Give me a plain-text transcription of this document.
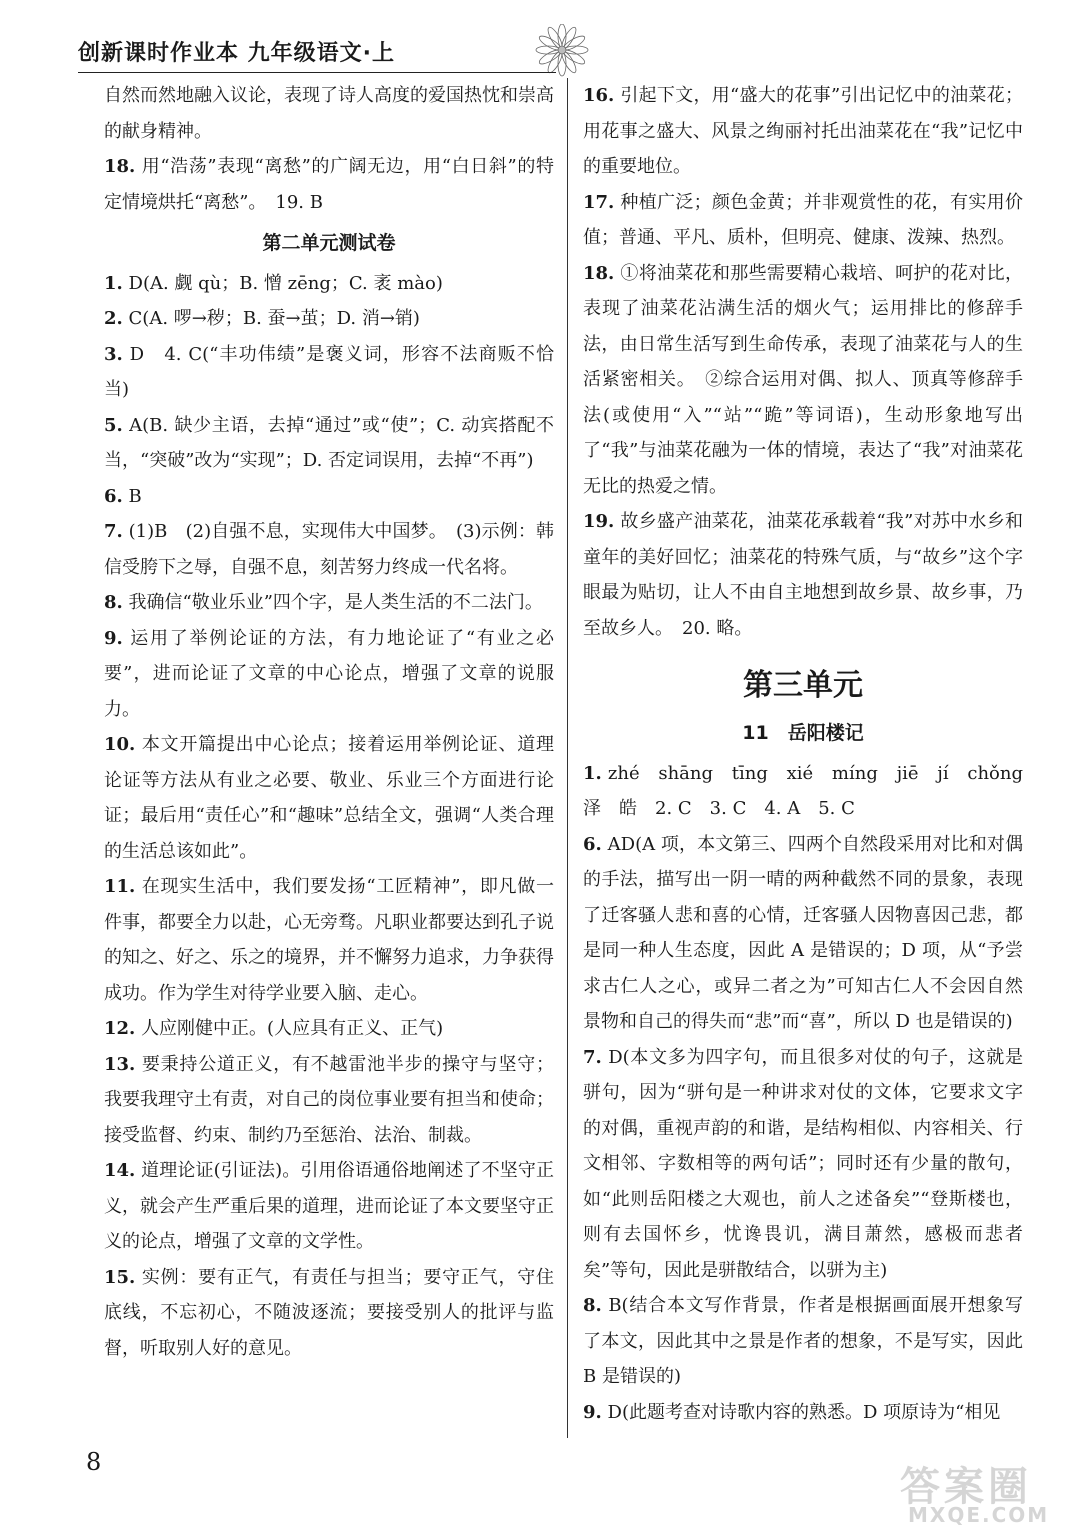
创新课时作业本 九年级语文·上

自然而然地融入议论，表现了诗人高度的爱国热忱和崇高的献身精神。

18. 用“浩荡”表现“离愁”的广阔无边，用“白日斜”的特定情境烘托“离愁”。　19. B

第二单元测试卷

1. D(A. 觑 qù；B. 憎 zēng；C. 袤 mào)

2. C(A. 啰→秽；B. 蚕→茧；D. 消→销)

3. D　4. C(“丰功伟绩”是褒义词，形容不法商贩不恰当)

5. A(B. 缺少主语，去掉“通过”或“使”；C. 动宾搭配不当，“突破”改为“实现”；D. 否定词误用，去掉“不再”)

6. B

7. (1)B　(2)自强不息，实现伟大中国梦。　(3)示例：韩信受胯下之辱，自强不息，刻苦努力终成一代名将。

8. 我确信“敬业乐业”四个字，是人类生活的不二法门。

9. 运用了举例论证的方法，有力地论证了“有业之必要”，进而论证了文章的中心论点，增强了文章的说服力。

10. 本文开篇提出中心论点；接着运用举例论证、道理论证等方法从有业之必要、敬业、乐业三个方面进行论证；最后用“责任心”和“趣味”总结全文，强调“人类合理的生活总该如此”。

11. 在现实生活中，我们要发扬“工匠精神”，即凡做一件事，都要全力以赴，心无旁骛。凡职业都要达到孔子说的知之、好之、乐之的境界，并不懈努力追求，力争获得成功。作为学生对待学业要入脑、走心。

12. 人应刚健中正。(人应具有正义、正气)

13. 要秉持公道正义，有不越雷池半步的操守与坚守；我要我理守土有责，对自己的岗位事业要有担当和使命；接受监督、约束、制约乃至惩治、法治、制裁。

14. 道理论证(引证法)。引用俗语通俗地阐述了不坚守正义，就会产生严重后果的道理，进而论证了本文要坚守正义的论点，增强了文章的文学性。

15. 实例：要有正气，有责任与担当；要守正气，守住底线，不忘初心，不随波逐流；要接受别人的批评与监督，听取别人好的意见。

16. 引起下文，用“盛大的花事”引出记忆中的油菜花；用花事之盛大、风景之绚丽衬托出油菜花在“我”记忆中的重要地位。

17. 种植广泛；颜色金黄；并非观赏性的花，有实用价值；普通、平凡、质朴，但明亮、健康、泼辣、热烈。

18. ①将油菜花和那些需要精心栽培、呵护的花对比，表现了油菜花沾满生活的烟火气；运用排比的修辞手法，由日常生活写到生命传承，表现了油菜花与人的生活紧密相关。　②综合运用对偶、拟人、顶真等修辞手法(或使用“入”“站”“跪”等词语)，生动形象地写出了“我”与油菜花融为一体的情境，表达了“我”对油菜花无比的热爱之情。

19. 故乡盛产油菜花，油菜花承载着“我”对苏中水乡和童年的美好回忆；油菜花的特殊气质，与“故乡”这个字眼最为贴切，让人不由自主地想到故乡景、故乡事，乃至故乡人。　20. 略。

第三单元
11　岳阳楼记

1. zhé　shāng　tīng　xié　míng　jiē　jí　chǒng 泽　皓　2. C　3. C　4. A　5. C

6. AD(A 项，本文第三、四两个自然段采用对比和对偶的手法，描写出一阴一晴的两种截然不同的景象，表现了迁客骚人悲和喜的心情，迁客骚人因物喜因己悲，都是同一种人生态度，因此 A 是错误的；D 项，从“予尝求古仁人之心，或异二者之为”可知古仁人不会因自然景物和自己的得失而“悲”而“喜”，所以 D 也是错误的)

7. D(本文多为四字句，而且很多对仗的句子，这就是骈句，因为“骈句是一种讲求对仗的文体，它要求文字的对偶，重视声韵的和谐，是结构相似、内容相关、行文相邻、字数相等的两句话”；同时还有少量的散句，如“此则岳阳楼之大观也，前人之述备矣”“登斯楼也，则有去国怀乡，忧谗畏讥，满目萧然，感极而悲者矣”等句，因此是骈散结合，以骈为主)

8. B(结合本文写作背景，作者是根据画面展开想象写了本文，因此其中之景是作者的想象，不是写实，因此 B 是错误的)

9. D(此题考查对诗歌内容的熟悉。D 项原诗为“相见

8
答案圈
MXQE.COM
